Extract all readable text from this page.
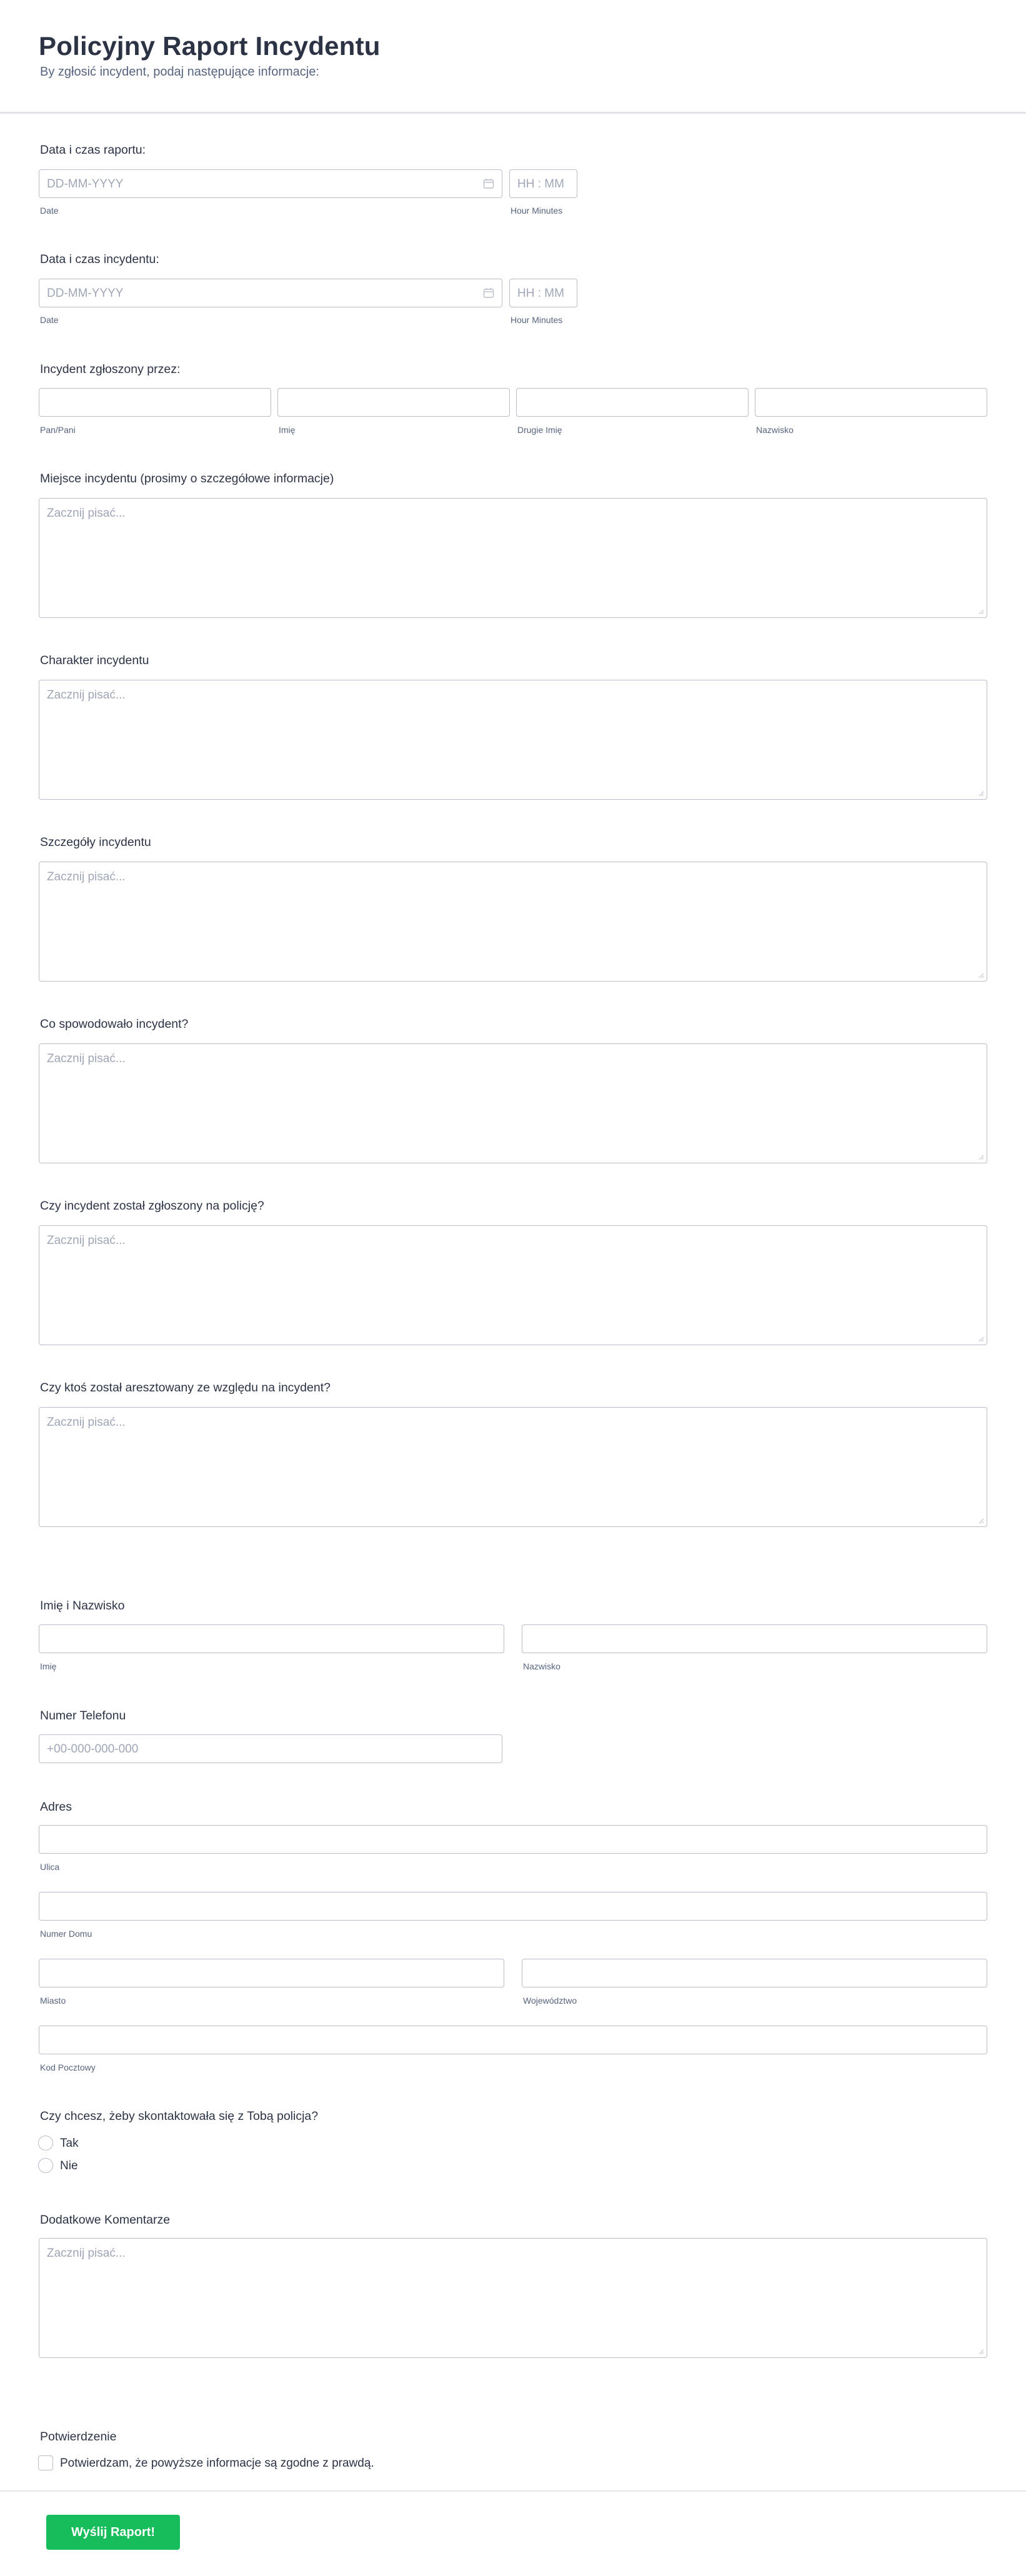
Policyjny Raport Incydentu
By zgłosić incydent, podaj następujące informacje:
Data i czas raportu:
DD-MM-YYYY	HH : MM
Date	Hour Minutes
Data i czas incydentu:
DD-MM-YYYY	HH : MM
Date	Hour Minutes
Incydent zgłoszony przez:
Pan/Pani	Imię	Drugie Imię	Nazwisko
Miejsce incydentu (prosimy o szczegółowe informacje)
Zacznij pisać...
Charakter incydentu
Zacznij pisać...
Szczegóły incydentu
Zacznij pisać...
Co spowodowało incydent?
Zacznij pisać...
Czy incydent został zgłoszony na policję?
Zacznij pisać...
Czy ktoś został aresztowany ze względu na incydent?
Zacznij pisać...
Imię i Nazwisko
Imię	Nazwisko
Numer Telefonu
+00-000-000-000
Adres
Ulica
Numer Domu
Miasto	Województwo
Kod Pocztowy
Czy chcesz, żeby skontaktowała się z Tobą policja?
Tak
Nie
Dodatkowe Komentarze
Zacznij pisać...
Potwierdzenie
Potwierdzam, że powyższe informacje są zgodne z prawdą.
Wyślij Raport!
